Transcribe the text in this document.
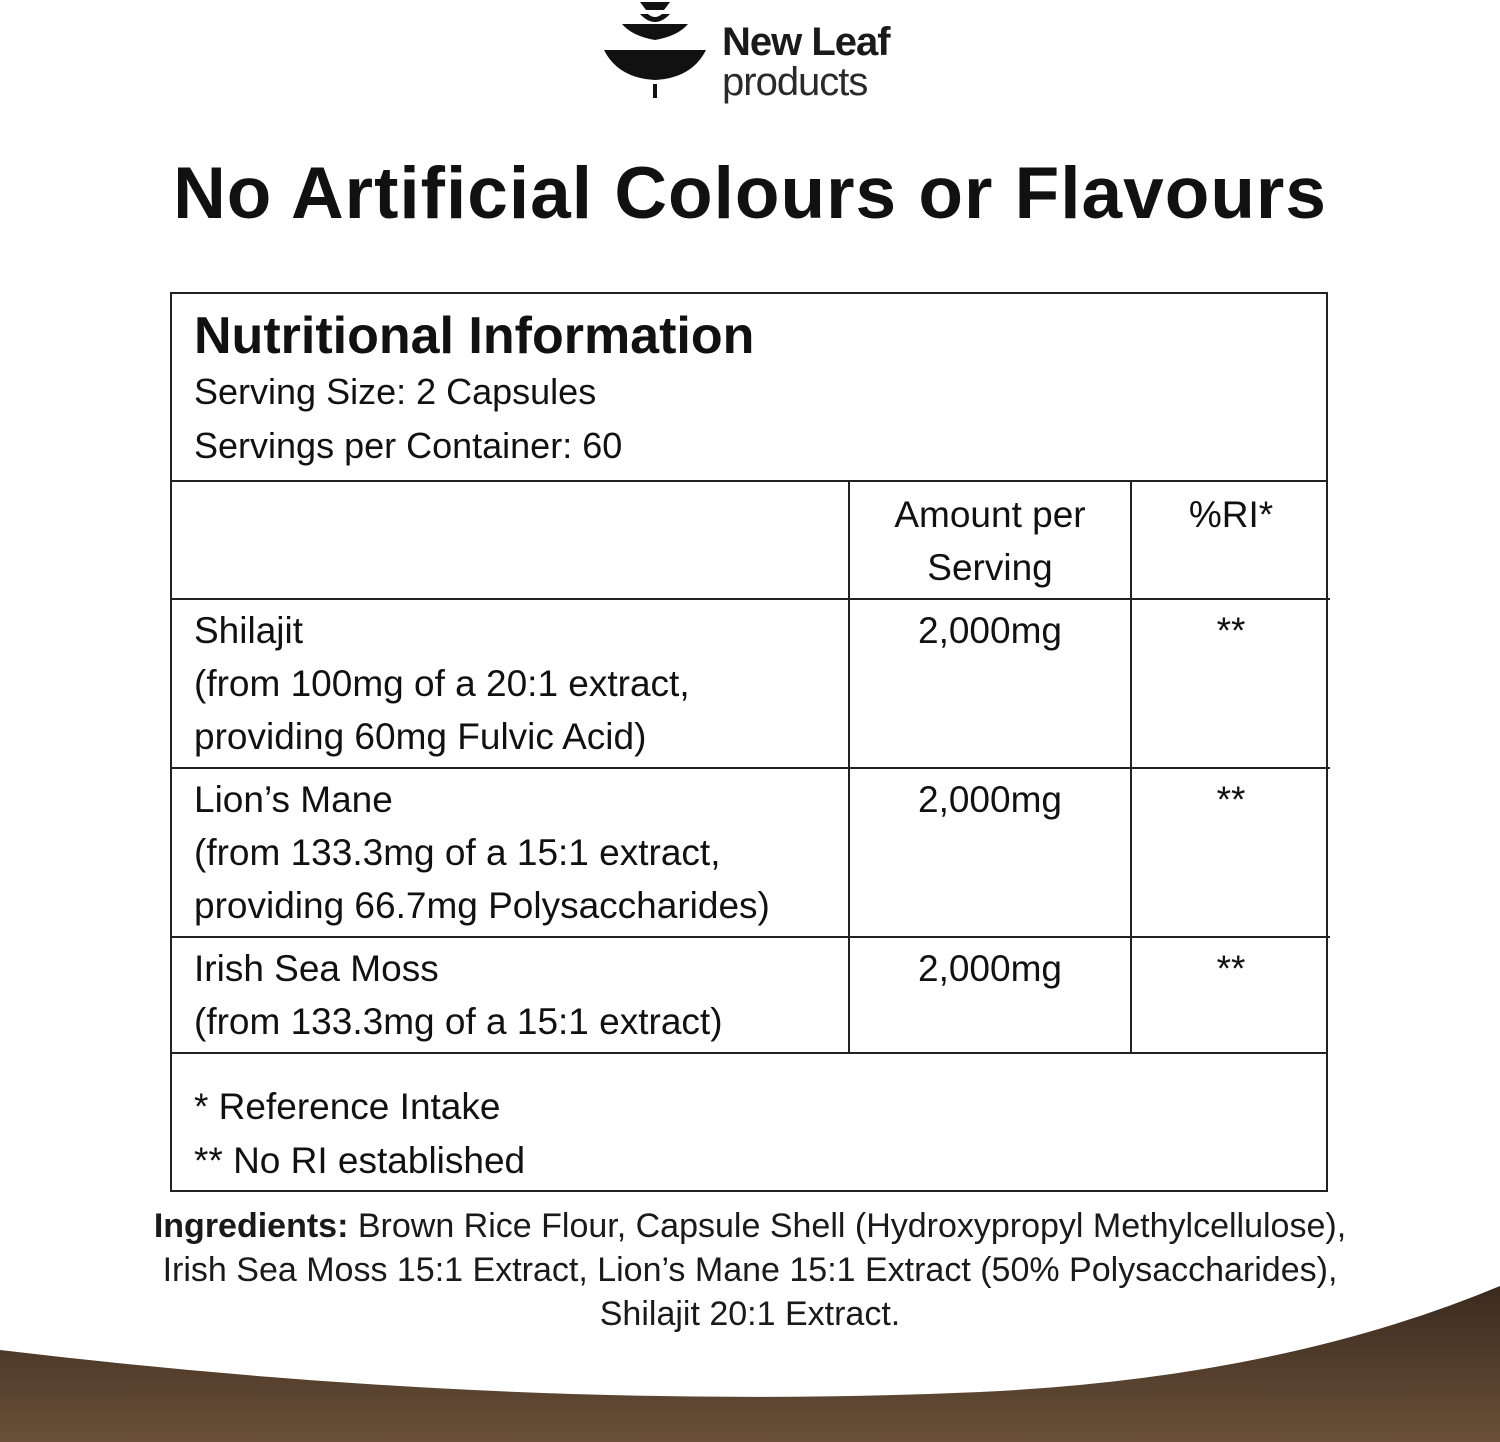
New Leaf
products
No Artificial Colours or Flavours
Nutritional Information
Serving Size: 2 Capsules
Servings per Container: 60
	Amount per Serving	%RI*

Shilajit
(from 100mg of a 20:1 extract,
providing 60mg Fulvic Acid)	2,000mg	**

Lion’s Mane
(from 133.3mg of a 15:1 extract,
providing 66.7mg Polysaccharides)	2,000mg	**

Irish Sea Moss
(from 133.3mg of a 15:1 extract)	2,000mg	**
* Reference Intake
** No RI established
Ingredients: Brown Rice Flour, Capsule Shell (Hydroxypropyl Methylcellulose),
Irish Sea Moss 15:1 Extract, Lion’s Mane 15:1 Extract (50% Polysaccharides),
Shilajit 20:1 Extract.
